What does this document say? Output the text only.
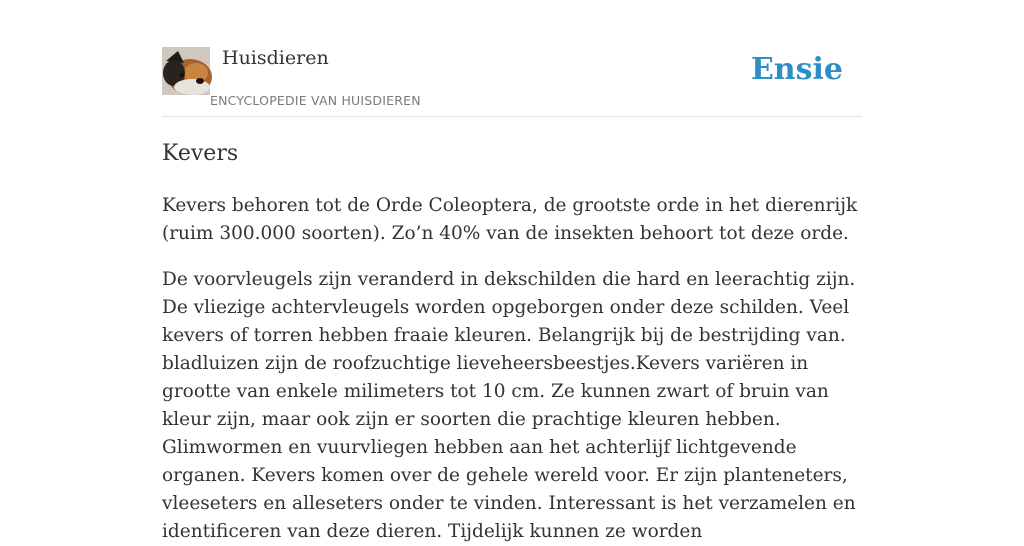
Huisdieren
ENCYCLOPEDIE VAN HUISDIEREN
Ensie
Kevers

Kevers behoren tot de Orde Coleoptera, de grootste orde in het dierenrijk (ruim 300.000 soorten). Zo’n 40% van de insekten behoort tot deze orde.

De voorvleugels zijn veranderd in dekschilden die hard en leerachtig zijn. De vliezige achtervleugels worden opgeborgen onder deze schilden. Veel kevers of torren hebben fraaie kleuren. Belangrijk bij de bestrijding van. bladluizen zijn de roofzuchtige lieveheersbeestjes.Kevers variëren in grootte van enkele milimeters tot 10 cm. Ze kunnen zwart of bruin van kleur zijn, maar ook zijn er soorten die prachtige kleuren hebben. Glimwormen en vuurvliegen hebben aan het achterlijf lichtgevende organen. Kevers komen over de gehele wereld voor. Er zijn planteneters, vleeseters en alleseters onder te vinden. Interessant is het verzamelen en identificeren van deze dieren. Tijdelijk kunnen ze worden
